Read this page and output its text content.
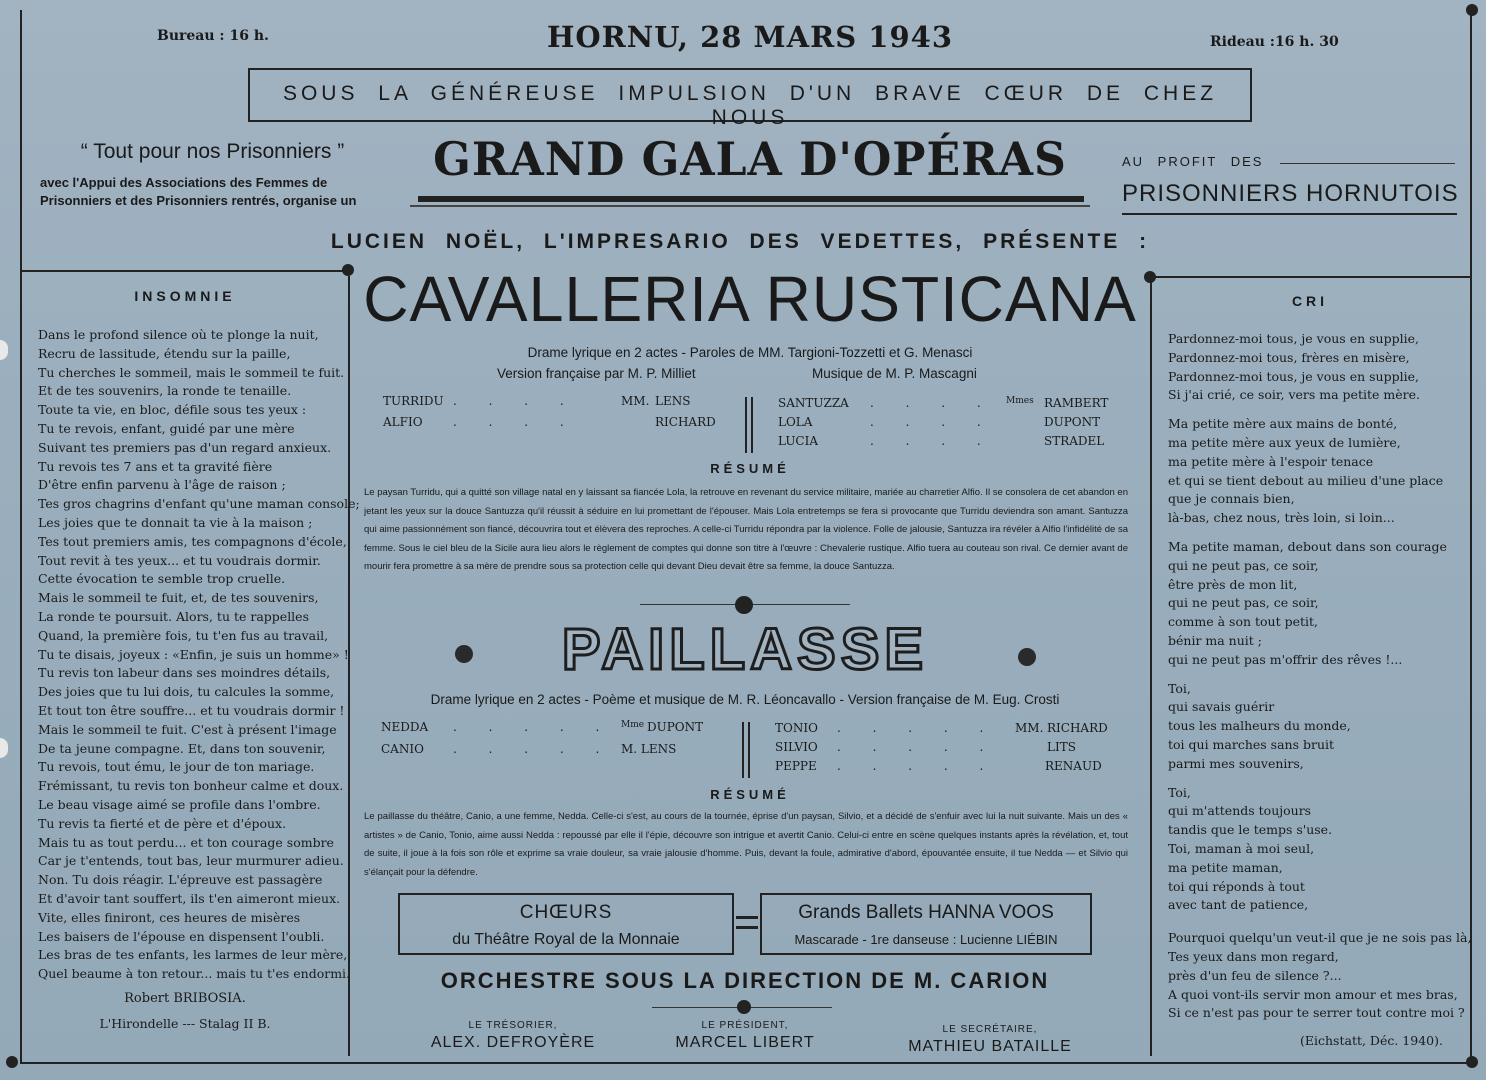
Bureau : 16 h.	HORNU, 28 MARS 1943	Rideau :16 h. 30
SOUS LA GÉNÉREUSE IMPULSION D'UN BRAVE CŒUR DE CHEZ NOUS
“ Tout pour nos Prisonniers ”
avec l'Appui des Associations des Femmes de
Prisonniers et des Prisonniers rentrés, organise un
GRAND GALA D'OPÉRAS	AU PROFIT DES
PRISONNIERS HORNUTOIS
LUCIEN NOËL, L'IMPRESARIO DES VEDETTES, PRÉSENTE :
INSOMNIE
Dans le profond silence où te plonge la nuit,
Recru de lassitude, étendu sur la paille,
Tu cherches le sommeil, mais le sommeil te fuit.
Et de tes souvenirs, la ronde te tenaille.
Toute ta vie, en bloc, défile sous tes yeux :
Tu te revois, enfant, guidé par une mère
Suivant tes premiers pas d'un regard anxieux.
Tu revois tes 7 ans et ta gravité fière
D'être enfin parvenu à l'âge de raison ;
Tes gros chagrins d'enfant qu'une maman console;
Les joies que te donnait ta vie à la maison ;
Tes tout premiers amis, tes compagnons d'école,
Tout revit à tes yeux... et tu voudrais dormir.
Cette évocation te semble trop cruelle.
Mais le sommeil te fuit, et, de tes souvenirs,
La ronde te poursuit. Alors, tu te rappelles
Quand, la première fois, tu t'en fus au travail,
Tu te disais, joyeux : «Enfin, je suis un homme» !
Tu revis ton labeur dans ses moindres détails,
Des joies que tu lui dois, tu calcules la somme,
Et tout ton être souffre... et tu voudrais dormir !
Mais le sommeil te fuit. C'est à présent l'image
De ta jeune compagne. Et, dans ton souvenir,
Tu revois, tout ému, le jour de ton mariage.
Frémissant, tu revis ton bonheur calme et doux.
Le beau visage aimé se profile dans l'ombre.
Tu revis ta fierté et de père et d'époux.
Mais tu as tout perdu... et ton courage sombre
Car je t'entends, tout bas, leur murmurer adieu.
Non. Tu dois réagir. L'épreuve est passagère
Et d'avoir tant souffert, ils t'en aimeront mieux.
Vite, elles finiront, ces heures de misères
Les baisers de l'épouse en dispensent l'oubli.
Les bras de tes enfants, les larmes de leur mère,
Quel beaume à ton retour... mais tu t'es endormi.
Robert BRIBOSIA.
L'Hirondelle --- Stalag II B.
CRI
Pardonnez-moi tous, je vous en supplie,
Pardonnez-moi tous, frères en misère,
Pardonnez-moi tous, je vous en supplie,
Si j'ai crié, ce soir, vers ma petite mère.
Ma petite mère aux mains de bonté,
ma petite mère aux yeux de lumière,
ma petite mère à l'espoir tenace
et qui se tient debout au milieu d'une place
que je connais bien,
là-bas, chez nous, très loin, si loin...
Ma petite maman, debout dans son courage
qui ne peut pas, ce soir,
être près de mon lit,
qui ne peut pas, ce soir,
comme à son tout petit,
bénir ma nuit ;
qui ne peut pas m'offrir des rêves !...
Toi,
qui savais guérir
tous les malheurs du monde,
toi qui marches sans bruit
parmi mes souvenirs,
Toi,
qui m'attends toujours
tandis que le temps s'use.
Toi, maman à moi seul,
ma petite maman,
toi qui réponds à tout
avec tant de patience,
Pourquoi quelqu'un veut-il que je ne sois pas là,
Tes yeux dans mon regard,
près d'un feu de silence ?...
A quoi vont-ils servir mon amour et mes bras,
Si ce n'est pas pour te serrer tout contre moi ?
(Eichstatt, Déc. 1940).
CAVALLERIA RUSTICANA
Drame lyrique en 2 actes - Paroles de MM. Targioni-Tozzetti et G. Menasci
Version française par M. P. Milliet	Musique de M. P. Mascagni
TURRIDU . . . .	MM. LENS
ALFIO	. . . .	RICHARD
SANTUZZA . . . . Mmes RAMBERT
LOLA	. . . .	DUPONT
LUCIA	. . . .	STRADEL
RÉSUMÉ
Le paysan Turridu, qui a quitté son village natal en y laissant sa fiancée Lola, la retrouve en revenant du service militaire, mariée au charretier Alfio. Il se consolera de cet abandon en jetant les yeux sur la douce Santuzza qu'il réussit à séduire en lui promettant de l'épouser. Mais Lola entretemps se fera si provocante que Turridu deviendra son amant. Santuzza qui aime passionnément son fiancé, découvrira tout et élèvera des reproches. A celle-ci Turridu répondra par la violence. Folle de jalousie, Santuzza ira révéler à Alfio l'infidélité de sa femme. Sous le ciel bleu de la Sicile aura lieu alors le règlement de comptes qui donne son titre à l'œuvre : Chevalerie rustique. Alfio tuera au couteau son rival. Ce dernier avant de mourir fera promettre à sa mère de prendre sous sa protection celle qui devant Dieu devait être sa femme, la douce Santuzza.
PAILLASSE
Drame lyrique en 2 actes - Poème et musique de M. R. Léoncavallo - Version française de M. Eug. Crosti
NEDDA . . . . . Mme DUPONT
CANIO . . . . . M. LENS
TONIO . . . . . MM. RICHARD
SILVIO . . . . .	LITS
PEPPE . . . . .	RENAUD
RÉSUMÉ
Le paillasse du théâtre, Canio, a une femme, Nedda. Celle-ci s'est, au cours de la tournée, éprise d'un paysan, Silvio, et a décidé de s'enfuir avec lui la nuit suivante. Mais un des « artistes » de Canio, Tonio, aime aussi Nedda : repoussé par elle il l'épie, découvre son intrigue et avertit Canio. Celui-ci entre en scène quelques instants après la révélation, et, tout de suite, il joue à la fois son rôle et exprime sa vraie douleur, sa vraie jalousie d'homme. Puis, devant la foule, admirative d'abord, épouvantée ensuite, il tue Nedda — et Silvio qui s'élançait pour la défendre.
CHŒURS
du Théâtre Royal de la Monnaie
Grands Ballets HANNA VOOS
Mascarade - 1re danseuse : Lucienne LIÉBIN
ORCHESTRE SOUS LA DIRECTION DE M. CARION
LE TRÉSORIER,
ALEX. DEFROYÈRE
LE PRÉSIDENT,
MARCEL LIBERT
LE SECRÉTAIRE,
MATHIEU BATAILLE
